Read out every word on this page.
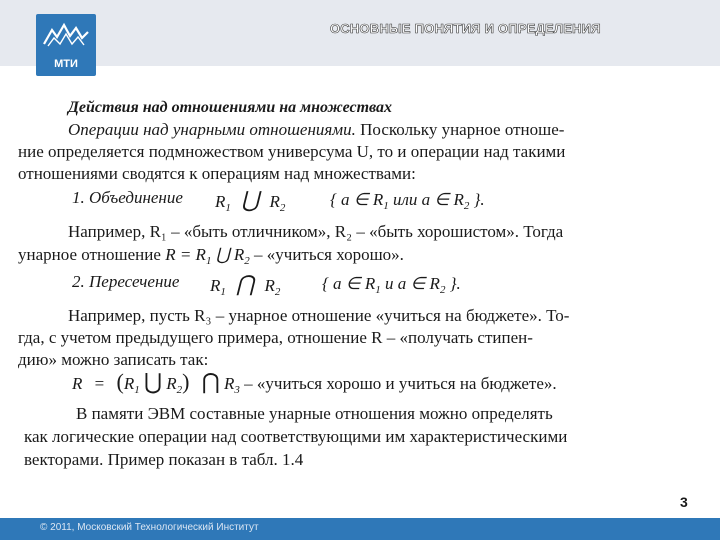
МТИ
ОСНОВНЫЕ ПОНЯТИЯ И ОПРЕДЕЛЕНИЯ
Действия над отношениями на множествах
Операции над унарными отношениями. Поскольку унарное отноше-
ние определяется подмножеством универсума U, то и операции над такими
отношениями сводятся к операциям над множествами:
1. Объединение $R_1$ ⋃ $R_2$	{ a ∈ $R_1$ или a ∈ $R_2$ }.
Например, R₁ – «быть отличником», R₂ – «быть хорошистом». Тогда
унарное отношение $R = R_1$ ⋃ $R_2$ – «учиться хорошо».
2. Пересечение $R_1$ ⋂ $R_2$ { a ∈ $R_1$ и a ∈ $R_2$ }.
Например, пусть R₃ – унарное отношение «учиться на бюджете». То-
гда, с учетом предыдущего примера, отношение R – «получать стипен-
дию» можно записать так:
$R = (R_1$ ⋃ $R_2$) ⋂ $R_3$ – «учиться хорошо и учиться на бюджете».
В памяти ЭВМ составные унарные отношения можно определять
как логические операции над соответствующими им характеристическими
векторами. Пример показан в табл. 1.4
3
© 2011, Московский Технологический Институт
